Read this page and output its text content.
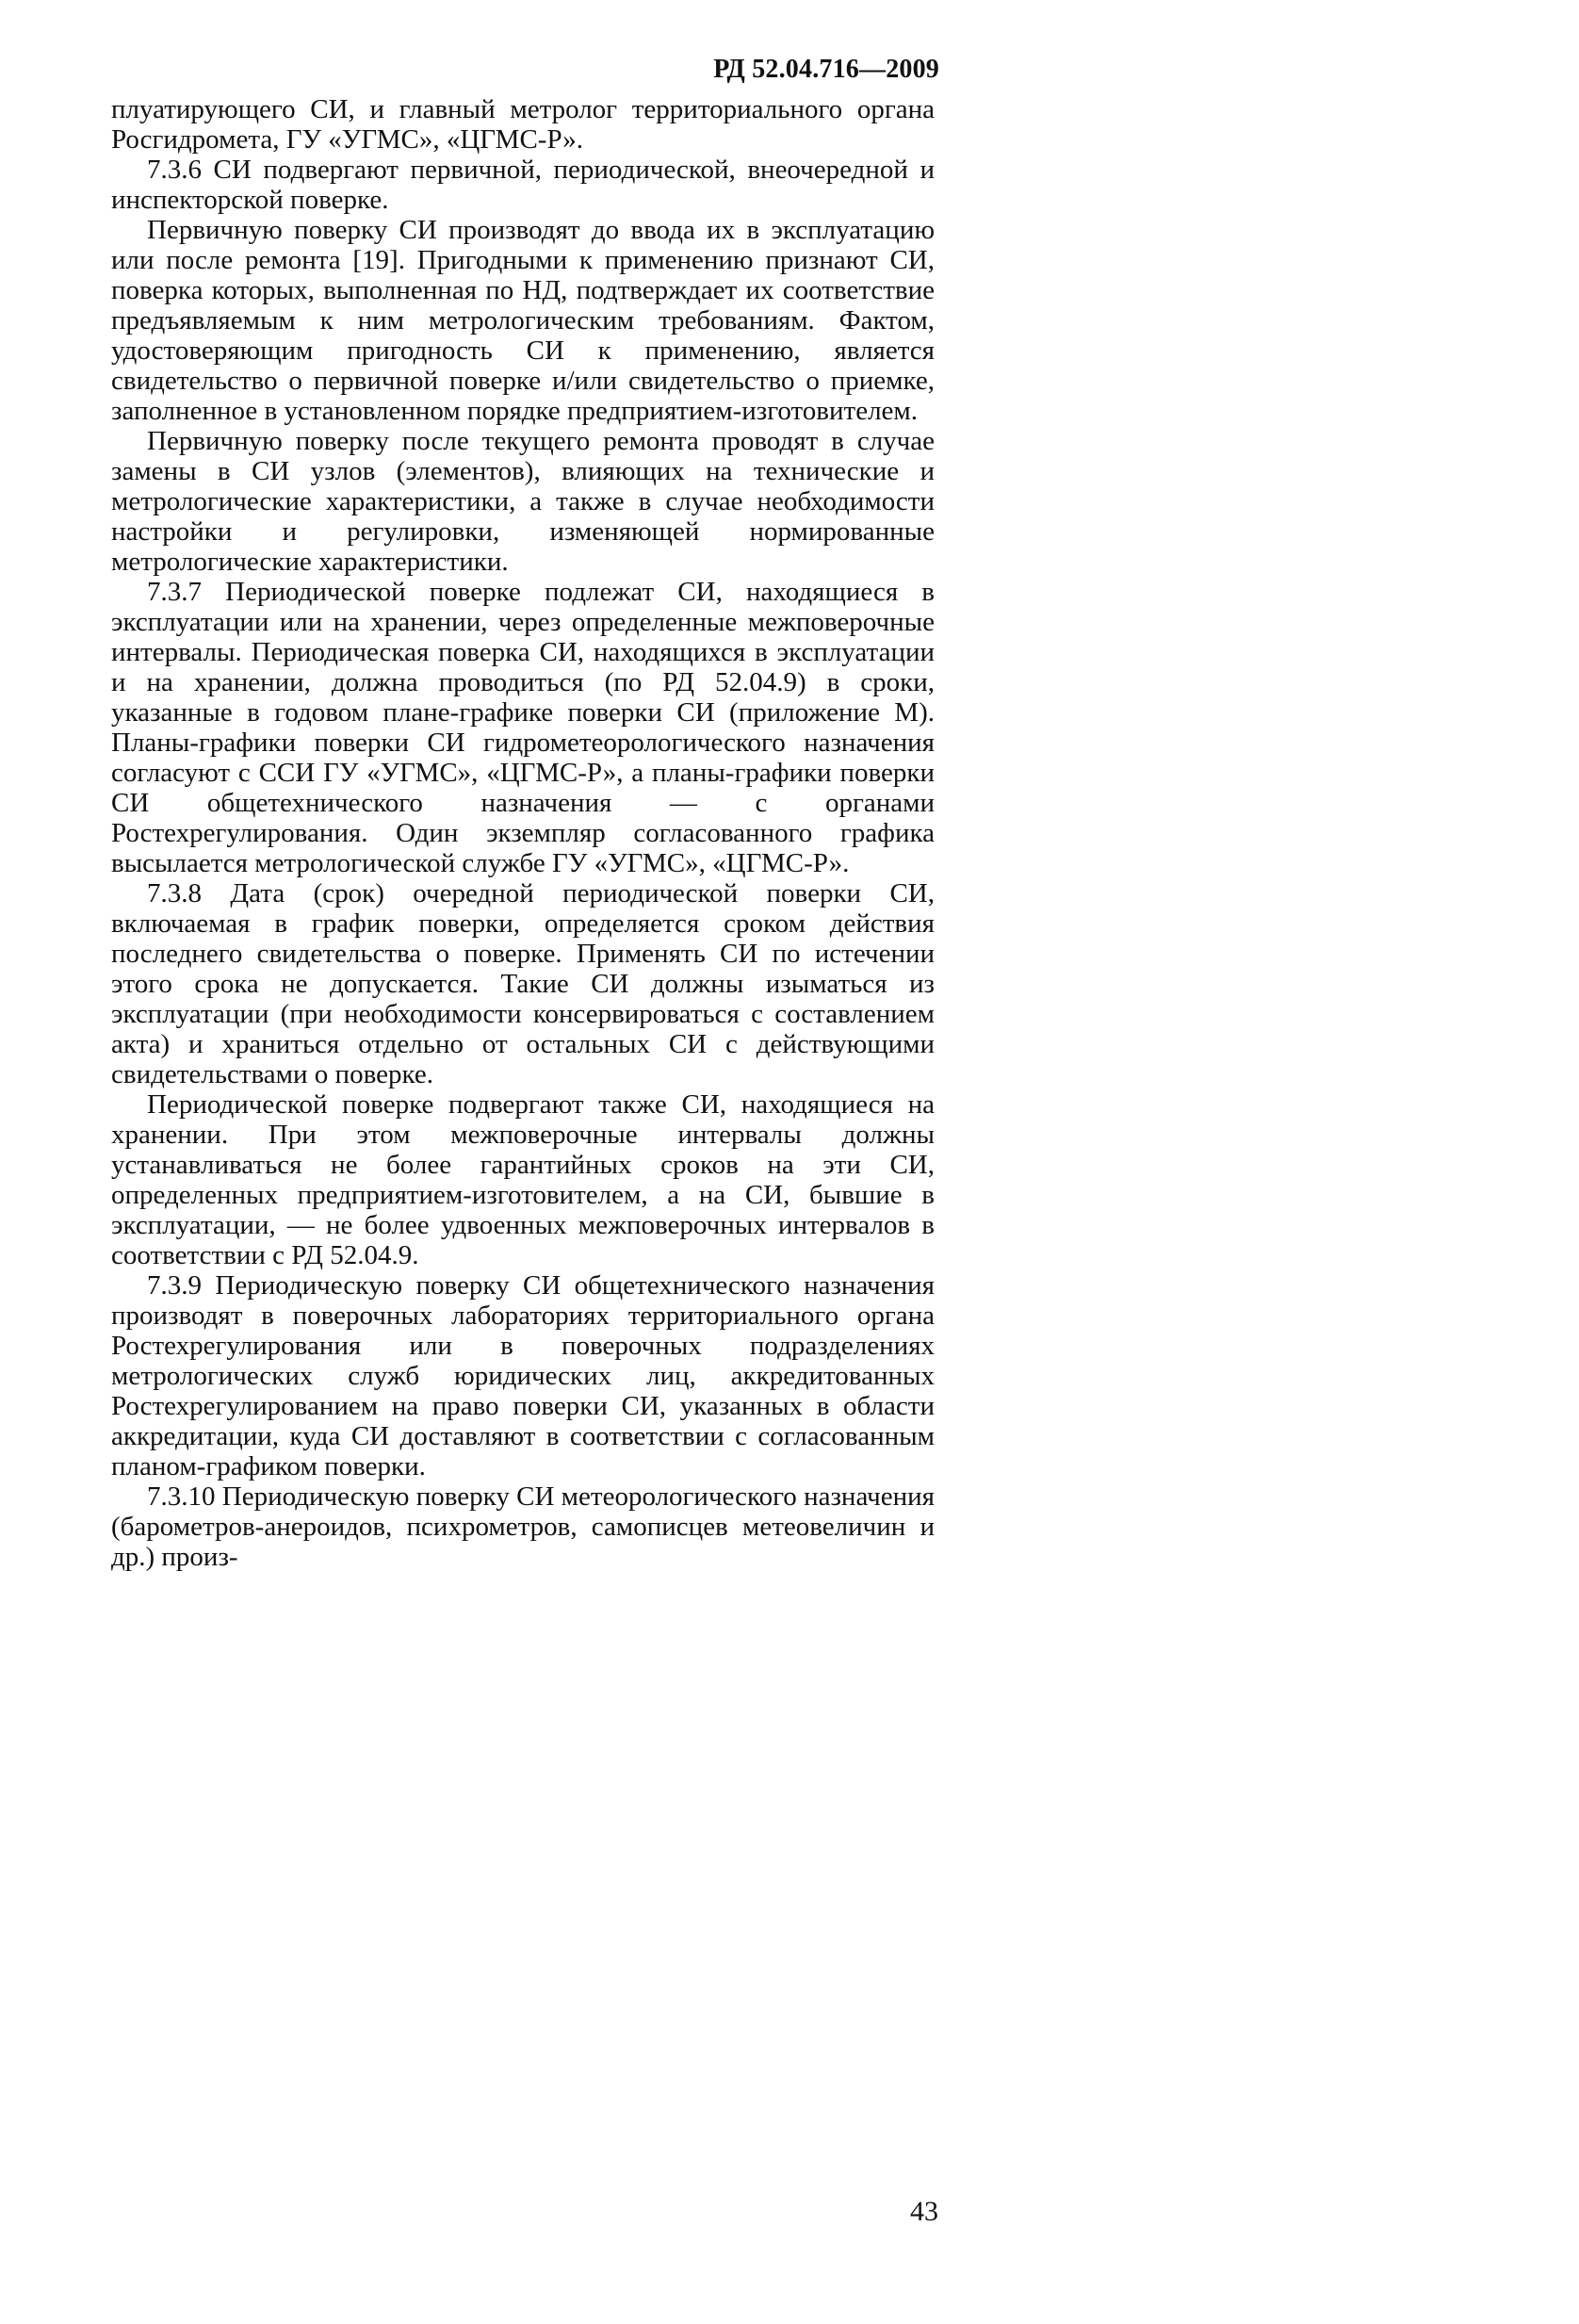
РД 52.04.716—2009

плуатирующего СИ, и главный метролог территориального органа Росгидромета, ГУ «УГМС», «ЦГМС-Р».

7.3.6 СИ подвергают первичной, периодической, внеочередной и инспекторской поверке.

Первичную поверку СИ производят до ввода их в эксплуатацию или после ремонта [19]. Пригодными к применению признают СИ, поверка которых, выполненная по НД, подтверждает их соответствие предъявляемым к ним метрологическим требованиям. Фактом, удостоверяющим пригодность СИ к применению, является свидетельство о первичной поверке и/или свидетельство о приемке, заполненное в установленном порядке предприятием-изготовителем.

Первичную поверку после текущего ремонта проводят в случае замены в СИ узлов (элементов), влияющих на технические и метрологические характеристики, а также в случае необходимости настройки и регулировки, изменяющей нормированные метрологические характеристики.

7.3.7 Периодической поверке подлежат СИ, находящиеся в эксплуатации или на хранении, через определенные межповерочные интервалы. Периодическая поверка СИ, находящихся в эксплуатации и на хранении, должна проводиться (по РД 52.04.9) в сроки, указанные в годовом плане-графике поверки СИ (приложение М). Планы-графики поверки СИ гидрометеорологического назначения согласуют с ССИ ГУ «УГМС», «ЦГМС-Р», а планы-графики поверки СИ общетехнического назначения — с органами Ростехрегулирования. Один экземпляр согласованного графика высылается метрологической службе ГУ «УГМС», «ЦГМС-Р».

7.3.8 Дата (срок) очередной периодической поверки СИ, включаемая в график поверки, определяется сроком действия последнего свидетельства о поверке. Применять СИ по истечении этого срока не допускается. Такие СИ должны изыматься из эксплуатации (при необходимости консервироваться с составлением акта) и храниться отдельно от остальных СИ с действующими свидетельствами о поверке.

Периодической поверке подвергают также СИ, находящиеся на хранении. При этом межповерочные интервалы должны устанавливаться не более гарантийных сроков на эти СИ, определенных предприятием-изготовителем, а на СИ, бывшие в эксплуатации, — не более удвоенных межповерочных интервалов в соответствии с РД 52.04.9.

7.3.9 Периодическую поверку СИ общетехнического назначения производят в поверочных лабораториях территориального органа Ростехрегулирования или в поверочных подразделениях метрологических служб юридических лиц, аккредитованных Ростехрегулированием на право поверки СИ, указанных в области аккредитации, куда СИ доставляют в соответствии с согласованным планом-графиком поверки.

7.3.10 Периодическую поверку СИ метеорологического назначения (барометров-анероидов, психрометров, самописцев метеовеличин и др.) произ-

43
